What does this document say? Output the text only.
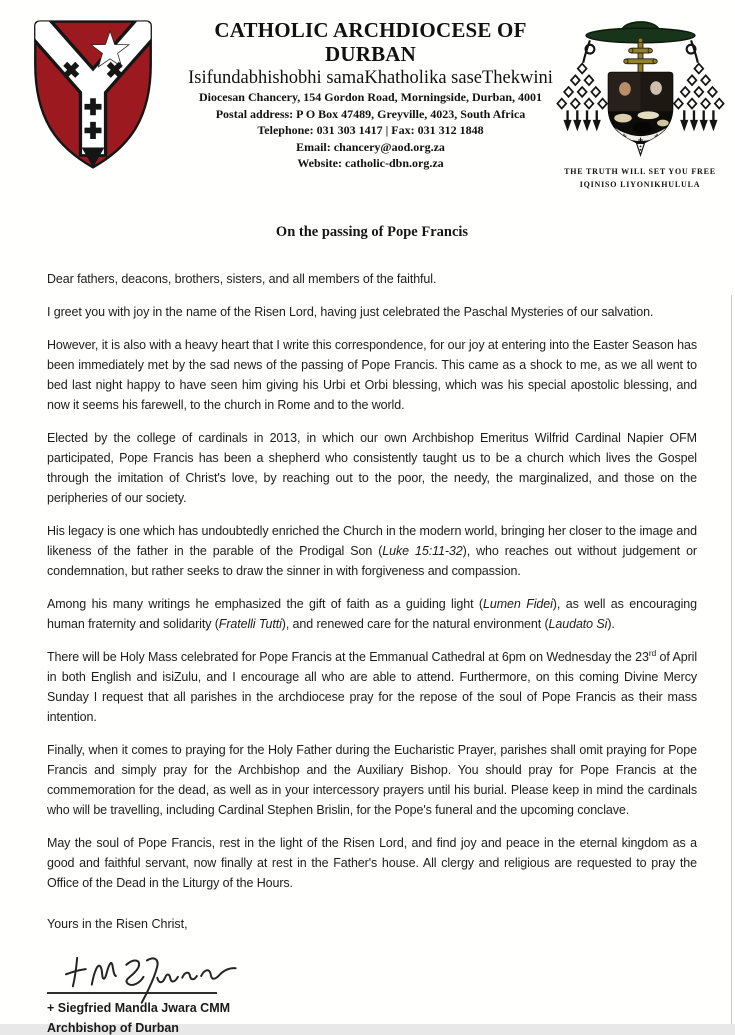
CATHOLIC ARCHDIOCESE OF DURBAN
Isifundabhishobhi samaKhatholika saseThekwini
Diocesan Chancery, 154 Gordon Road, Morningside, Durban, 4001
Postal address: P O Box 47489, Greyville, 4023, South Africa
Telephone: 031 303 1417 | Fax: 031 312 1848
Email: chancery@aod.org.za
Website: catholic-dbn.org.za
THE TRUTH WILL SET YOU FREE
IQINISO LIYONIKHULULA
On the passing of Pope Francis

Dear fathers, deacons, brothers, sisters, and all members of the faithful.

I greet you with joy in the name of the Risen Lord, having just celebrated the Paschal Mysteries of our salvation.

However, it is also with a heavy heart that I write this correspondence, for our joy at entering into the Easter Season has been immediately met by the sad news of the passing of Pope Francis. This came as a shock to me, as we all went to bed last night happy to have seen him giving his Urbi et Orbi blessing, which was his special apostolic blessing, and now it seems his farewell, to the church in Rome and to the world.

Elected by the college of cardinals in 2013, in which our own Archbishop Emeritus Wilfrid Cardinal Napier OFM participated, Pope Francis has been a shepherd who consistently taught us to be a church which lives the Gospel through the imitation of Christ's love, by reaching out to the poor, the needy, the marginalized, and those on the peripheries of our society.

His legacy is one which has undoubtedly enriched the Church in the modern world, bringing her closer to the image and likeness of the father in the parable of the Prodigal Son (Luke 15:11-32), who reaches out without judgement or condemnation, but rather seeks to draw the sinner in with forgiveness and compassion.

Among his many writings he emphasized the gift of faith as a guiding light (Lumen Fidei), as well as encouraging human fraternity and solidarity (Fratelli Tutti), and renewed care for the natural environment (Laudato Si).

There will be Holy Mass celebrated for Pope Francis at the Emmanual Cathedral at 6pm on Wednesday the 23rd of April in both English and isiZulu, and I encourage all who are able to attend. Furthermore, on this coming Divine Mercy Sunday I request that all parishes in the archdiocese pray for the repose of the soul of Pope Francis as their mass intention.

Finally, when it comes to praying for the Holy Father during the Eucharistic Prayer, parishes shall omit praying for Pope Francis and simply pray for the Archbishop and the Auxiliary Bishop. You should pray for Pope Francis at the commemoration for the dead, as well as in your intercessory prayers until his burial. Please keep in mind the cardinals who will be travelling, including Cardinal Stephen Brislin, for the Pope's funeral and the upcoming conclave.

May the soul of Pope Francis, rest in the light of the Risen Lord, and find joy and peace in the eternal kingdom as a good and faithful servant, now finally at rest in the Father's house. All clergy and religious are requested to pray the Office of the Dead in the Liturgy of the Hours.

Yours in the Risen Christ,
+ Siegfried Mandla Jwara CMM
Archbishop of Durban
